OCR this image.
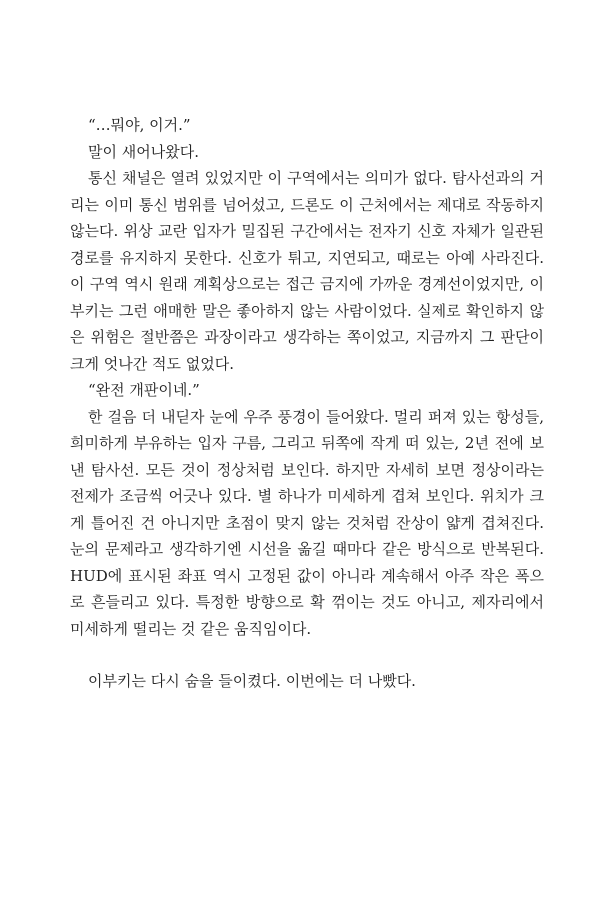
“…뭐야, 이거.”

말이 새어나왔다.

통신 채널은 열려 있었지만 이 구역에서는 의미가 없다. 탐사선과의 거리는 이미 통신 범위를 넘어섰고, 드론도 이 근처에서는 제대로 작동하지 않는다. 위상 교란 입자가 밀집된 구간에서는 전자기 신호 자체가 일관된 경로를 유지하지 못한다. 신호가 튀고, 지연되고, 때로는 아예 사라진다. 이 구역 역시 원래 계획상으로는 접근 금지에 가까운 경계선이었지만, 이부키는 그런 애매한 말은 좋아하지 않는 사람이었다. 실제로 확인하지 않은 위험은 절반쯤은 과장이라고 생각하는 쪽이었고, 지금까지 그 판단이 크게 엇나간 적도 없었다.

“완전 개판이네.”

한 걸음 더 내딛자 눈에 우주 풍경이 들어왔다. 멀리 퍼져 있는 항성들, 희미하게 부유하는 입자 구름, 그리고 뒤쪽에 작게 떠 있는, 2년 전에 보낸 탐사선. 모든 것이 정상처럼 보인다. 하지만 자세히 보면 정상이라는 전제가 조금씩 어긋나 있다. 별 하나가 미세하게 겹쳐 보인다. 위치가 크게 틀어진 건 아니지만 초점이 맞지 않는 것처럼 잔상이 얇게 겹쳐진다. 눈의 문제라고 생각하기엔 시선을 옮길 때마다 같은 방식으로 반복된다. HUD에 표시된 좌표 역시 고정된 값이 아니라 계속해서 아주 작은 폭으로 흔들리고 있다. 특정한 방향으로 확 꺾이는 것도 아니고, 제자리에서 미세하게 떨리는 것 같은 움직임이다.

이부키는 다시 숨을 들이켰다. 이번에는 더 나빴다.
